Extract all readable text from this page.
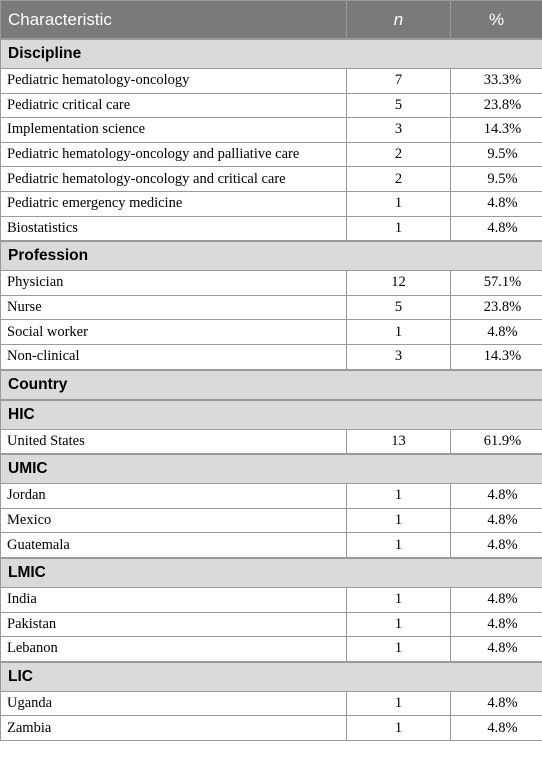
Characteristic	n	%
Discipline		
Pediatric hematology-oncology	7	33.3%
Pediatric critical care	5	23.8%
Implementation science	3	14.3%
Pediatric hematology-oncology and palliative care	2	9.5%
Pediatric hematology-oncology and critical care	2	9.5%
Pediatric emergency medicine	1	4.8%
Biostatistics	1	4.8%
Profession		
Physician	12	57.1%
Nurse	5	23.8%
Social worker	1	4.8%
Non-clinical	3	14.3%
Country		
HIC		
United States	13	61.9%
UMIC		
Jordan	1	4.8%
Mexico	1	4.8%
Guatemala	1	4.8%
LMIC		
India	1	4.8%
Pakistan	1	4.8%
Lebanon	1	4.8%
LIC		
Uganda	1	4.8%
Zambia	1	4.8%
